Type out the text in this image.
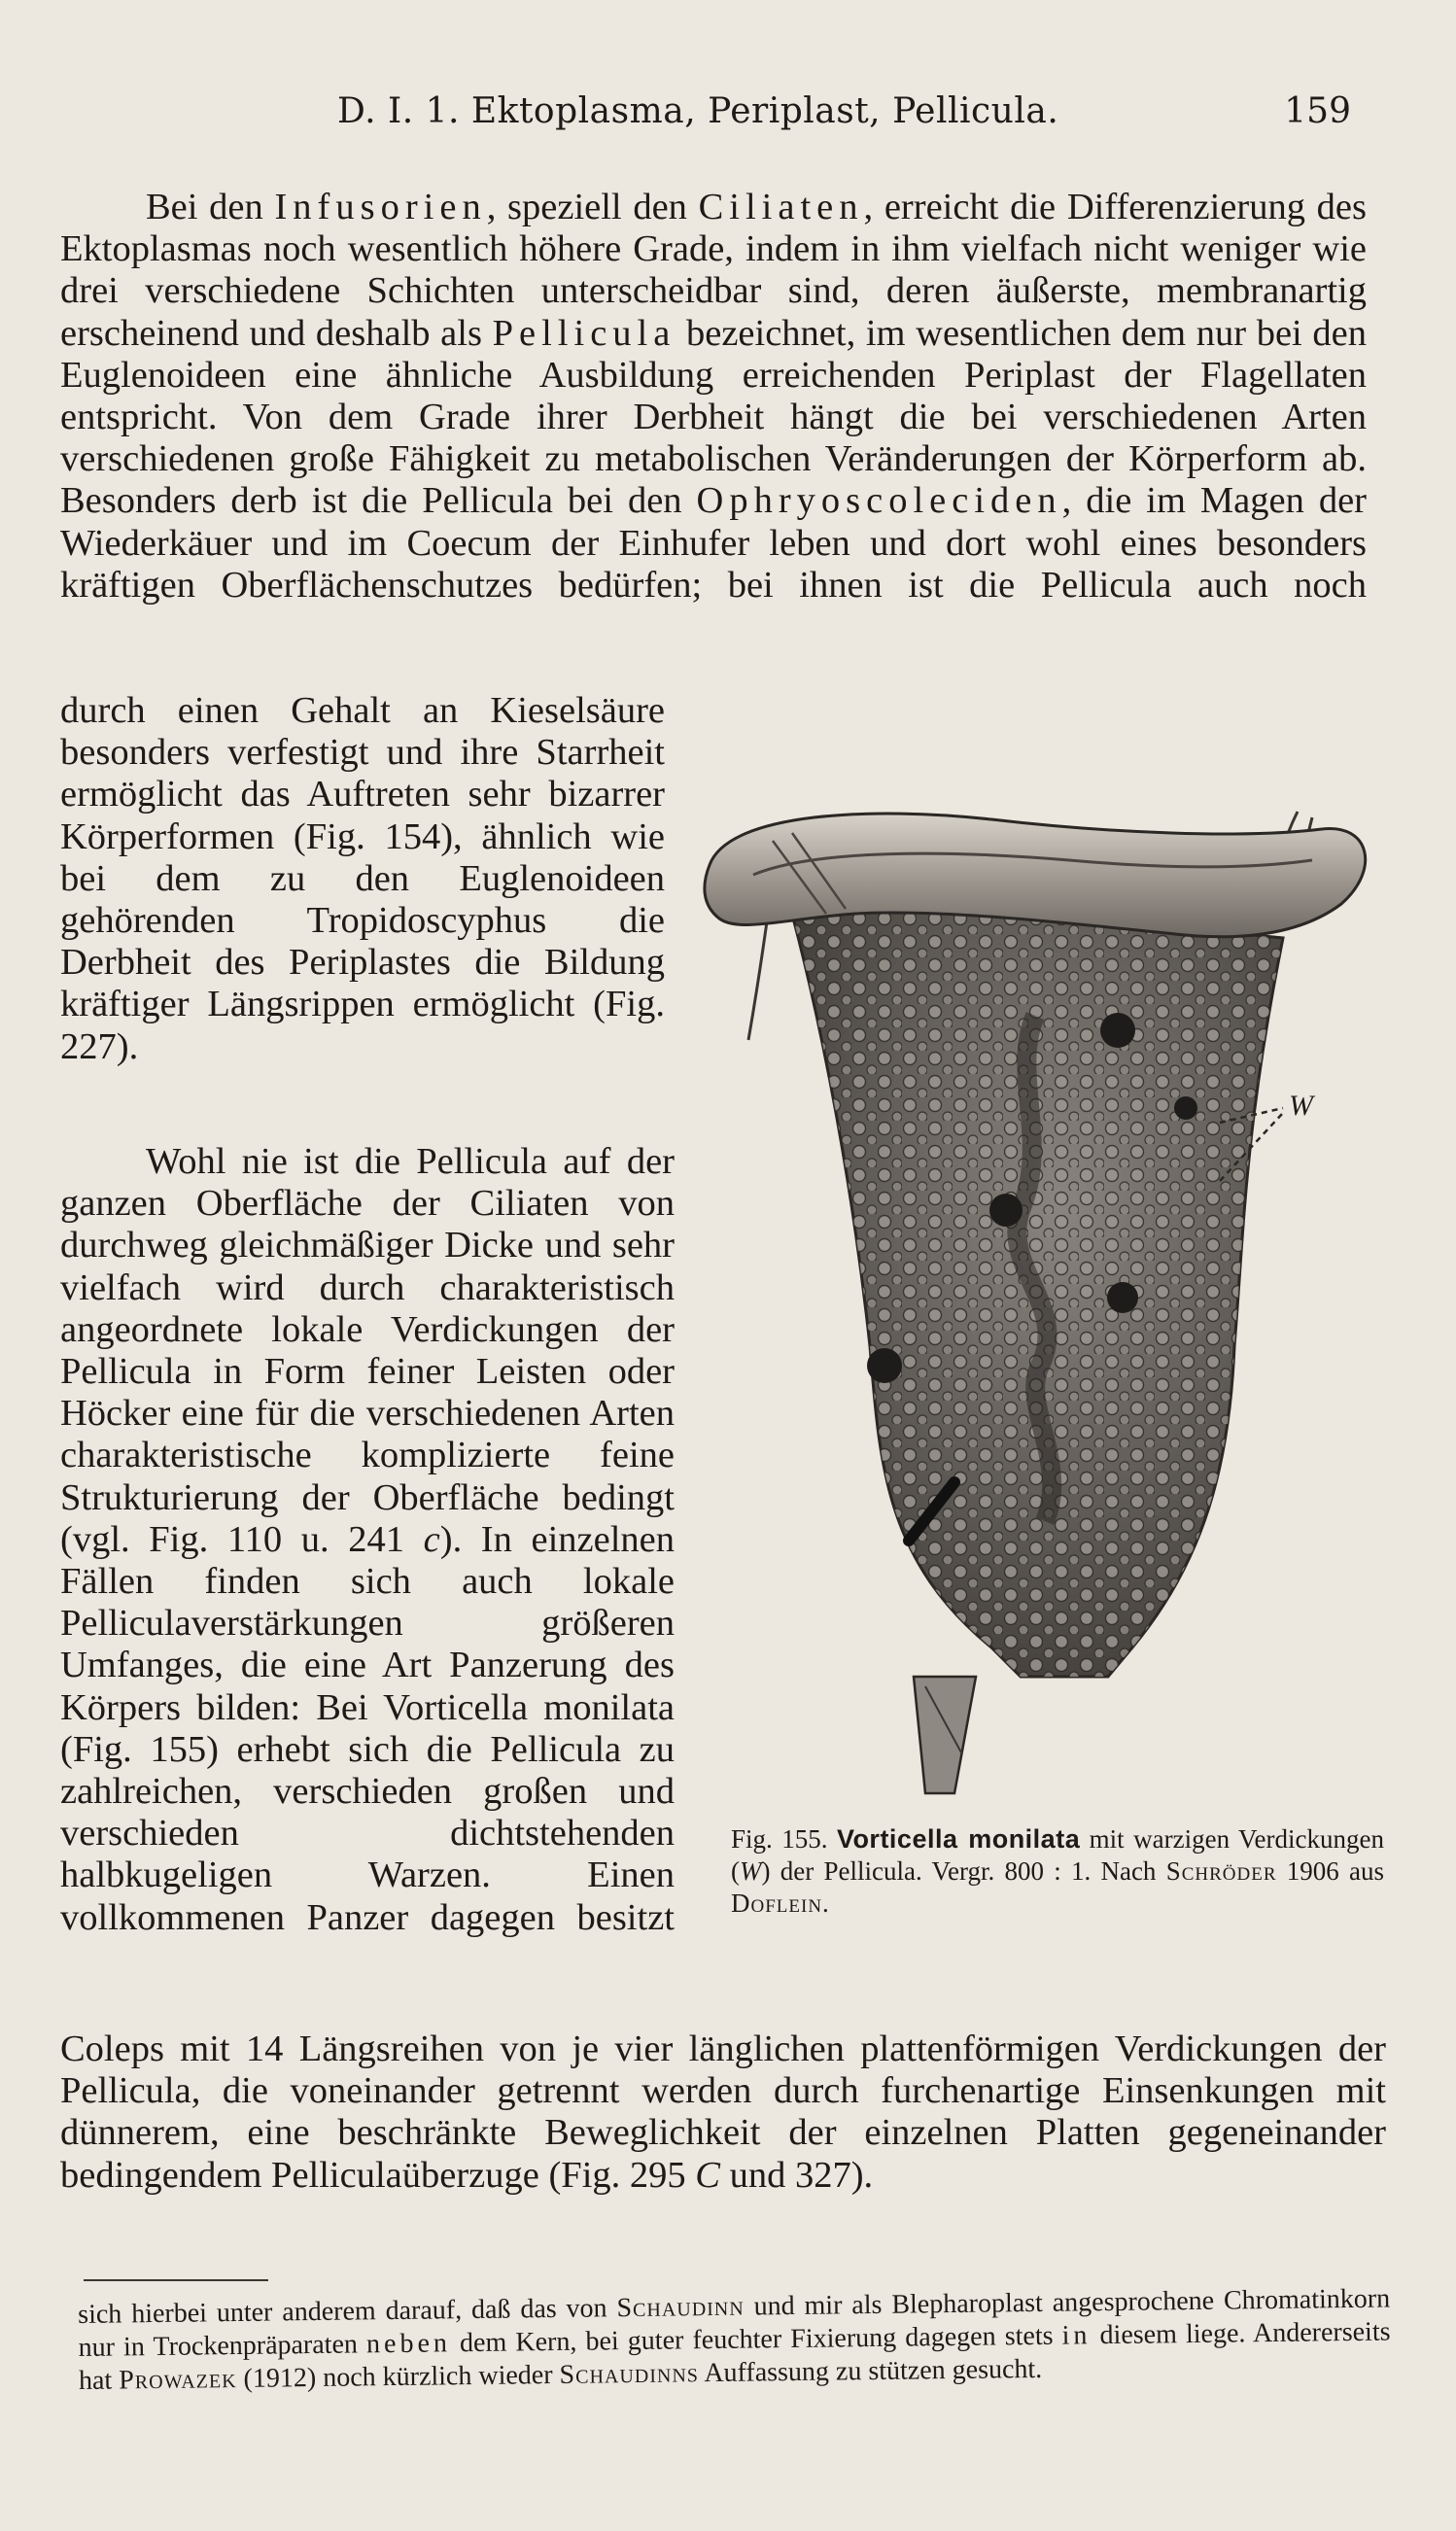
D. I. 1. Ektoplasma, Periplast, Pellicula.	159
Bei den Infusorien, speziell den Ciliaten, erreicht die Differenzierung des Ektoplasmas noch wesentlich höhere Grade, indem in ihm vielfach nicht weniger wie drei verschiedene Schichten unterscheidbar sind, deren äußerste, membranartig erscheinend und deshalb als Pellicula bezeichnet, im wesentlichen dem nur bei den Euglenoideen eine ähnliche Ausbildung erreichenden Periplast der Flagellaten entspricht. Von dem Grade ihrer Derbheit hängt die bei verschiedenen Arten verschiedenen große Fähigkeit zu metabolischen Veränderungen der Körperform ab. Besonders derb ist die Pellicula bei den Ophryoscoleciden, die im Magen der Wiederkäuer und im Coecum der Einhufer leben und dort wohl eines besonders kräftigen Oberflächenschutzes bedürfen; bei ihnen ist die Pellicula auch noch
durch einen Gehalt an Kieselsäure besonders verfestigt und ihre Starrheit ermöglicht das Auftreten sehr bizarrer Körperformen (Fig. 154), ähnlich wie bei dem zu den Euglenoideen gehörenden Tropidoscyphus die Derbheit des Periplastes die Bildung kräftiger Längsrippen ermöglicht (Fig. 227).
Wohl nie ist die Pellicula auf der ganzen Oberfläche der Ciliaten von durchweg gleichmäßiger Dicke und sehr vielfach wird durch charakteristisch angeordnete lokale Verdickungen der Pellicula in Form feiner Leisten oder Höcker eine für die verschiedenen Arten charakteristische komplizierte feine Strukturierung der Oberfläche bedingt (vgl. Fig. 110 u. 241 c). In einzelnen Fällen finden sich auch lokale Pelliculaverstärkungen größeren Umfanges, die eine Art Panzerung des Körpers bilden: Bei Vorticella monilata (Fig. 155) erhebt sich die Pellicula zu zahlreichen, verschieden großen und verschieden dichtstehenden halbkugeligen Warzen. Einen vollkommenen Panzer dagegen besitzt
Coleps mit 14 Längsreihen von je vier länglichen plattenförmigen Verdickungen der Pellicula, die voneinander getrennt werden durch furchenartige Einsenkungen mit dünnerem, eine beschränkte Beweglichkeit der einzelnen Platten gegeneinander bedingendem Pelliculaüberzuge (Fig. 295 C und 327).
W
Fig. 155. Vorticella monilata mit warzigen Verdickungen (W) der Pellicula. Vergr. 800 : 1. Nach Schröder 1906 aus Doflein.
sich hierbei unter anderem darauf, daß das von Schaudinn und mir als Blepharoplast angesprochene Chromatinkorn nur in Trockenpräparaten neben dem Kern, bei guter feuchter Fixierung dagegen stets in diesem liege. Andererseits hat Prowazek (1912) noch kürzlich wieder Schaudinns Auffassung zu stützen gesucht.
